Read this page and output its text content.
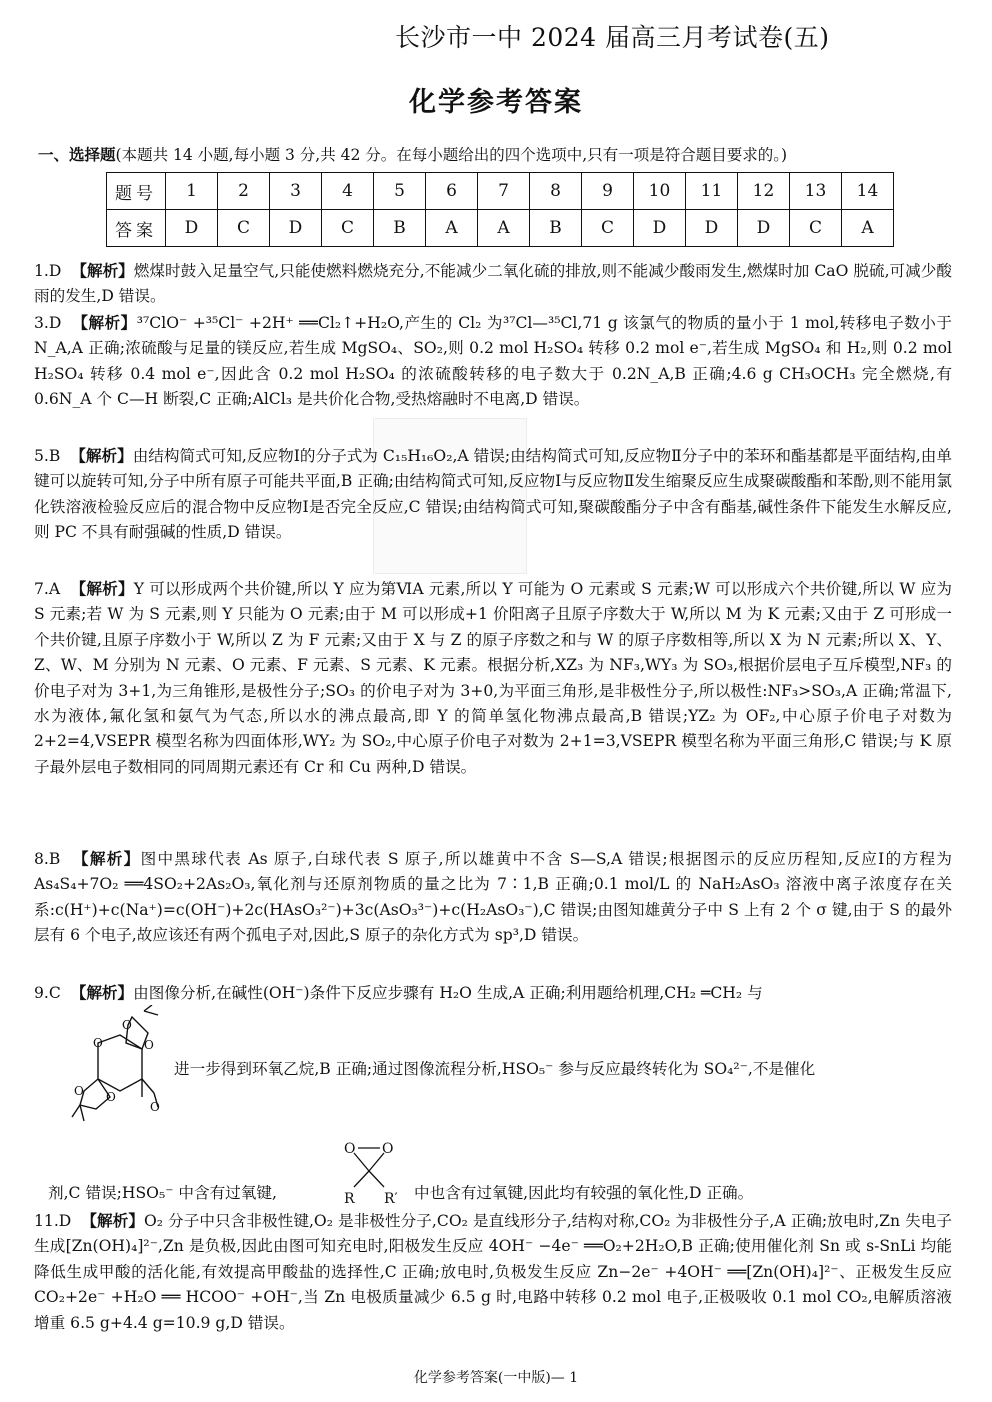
长沙市一中 2024 届高三月考试卷(五)
化学参考答案
一、选择题(本题共 14 小题,每小题 3 分,共 42 分。在每小题给出的四个选项中,只有一项是符合题目要求的。)
题号	1	2	3	4	5	6	7	8	9	10	11	12	13	14
答案	D	C	D	C	B	A	A	B	C	D	D	D	C	A
1.D 【解析】燃煤时鼓入足量空气,只能使燃料燃烧充分,不能减少二氧化硫的排放,则不能减少酸雨发生,燃煤时加 CaO 脱硫,可减少酸雨的发生,D 错误。
3.D 【解析】³⁷ClO⁻ +³⁵Cl⁻ +2H⁺ ══Cl₂↑+H₂O,产生的 Cl₂ 为³⁷Cl—³⁵Cl,71 g 该氯气的物质的量小于 1 mol,转移电子数小于 N_A,A 正确;浓硫酸与足量的镁反应,若生成 MgSO₄、SO₂,则 0.2 mol H₂SO₄ 转移 0.2 mol e⁻,若生成 MgSO₄ 和 H₂,则 0.2 mol H₂SO₄ 转移 0.4 mol e⁻,因此含 0.2 mol H₂SO₄ 的浓硫酸转移的电子数大于 0.2N_A,B 正确;4.6 g CH₃OCH₃ 完全燃烧,有 0.6N_A 个 C—H 断裂,C 正确;AlCl₃ 是共价化合物,受热熔融时不电离,D 错误。
5.B 【解析】由结构简式可知,反应物Ⅰ的分子式为 C₁₅H₁₆O₂,A 错误;由结构简式可知,反应物Ⅱ分子中的苯环和酯基都是平面结构,由单键可以旋转可知,分子中所有原子可能共平面,B 正确;由结构简式可知,反应物Ⅰ与反应物Ⅱ发生缩聚反应生成聚碳酸酯和苯酚,则不能用氯化铁溶液检验反应后的混合物中反应物Ⅰ是否完全反应,C 错误;由结构简式可知,聚碳酸酯分子中含有酯基,碱性条件下能发生水解反应,则 PC 不具有耐强碱的性质,D 错误。
7.A 【解析】Y 可以形成两个共价键,所以 Y 应为第ⅥA 元素,所以 Y 可能为 O 元素或 S 元素;W 可以形成六个共价键,所以 W 应为 S 元素;若 W 为 S 元素,则 Y 只能为 O 元素;由于 M 可以形成+1 价阳离子且原子序数大于 W,所以 M 为 K 元素;又由于 Z 可形成一个共价键,且原子序数小于 W,所以 Z 为 F 元素;又由于 X 与 Z 的原子序数之和与 W 的原子序数相等,所以 X 为 N 元素;所以 X、Y、Z、W、M 分别为 N 元素、O 元素、F 元素、S 元素、K 元素。根据分析,XZ₃ 为 NF₃,WY₃ 为 SO₃,根据价层电子互斥模型,NF₃ 的价电子对为 3+1,为三角锥形,是极性分子;SO₃ 的价电子对为 3+0,为平面三角形,是非极性分子,所以极性:NF₃>SO₃,A 正确;常温下,水为液体,氟化氢和氨气为气态,所以水的沸点最高,即 Y 的简单氢化物沸点最高,B 错误;YZ₂ 为 OF₂,中心原子价电子对数为 2+2=4,VSEPR 模型名称为四面体形,WY₂ 为 SO₂,中心原子价电子对数为 2+1=3,VSEPR 模型名称为平面三角形,C 错误;与 K 原子最外层电子数相同的同周期元素还有 Cr 和 Cu 两种,D 错误。
8.B 【解析】图中黑球代表 As 原子,白球代表 S 原子,所以雄黄中不含 S—S,A 错误;根据图示的反应历程知,反应Ⅰ的方程为 As₄S₄+7O₂ ══4SO₂+2As₂O₃,氧化剂与还原剂物质的量之比为 7∶1,B 正确;0.1 mol/L 的 NaH₂AsO₃ 溶液中离子浓度存在关系:c(H⁺)+c(Na⁺)=c(OH⁻)+2c(HAsO₃²⁻)+3c(AsO₃³⁻)+c(H₂AsO₃⁻),C 错误;由图知雄黄分子中 S 上有 2 个 σ 键,由于 S 的最外层有 6 个电子,故应该还有两个孤电子对,因此,S 原子的杂化方式为 sp³,D 错误。
9.C 【解析】由图像分析,在碱性(OH⁻)条件下反应步骤有 H₂O 生成,A 正确;利用题给机理,CH₂ ═CH₂ 与
O
O
O
O O
O
进一步得到环氧乙烷,B 正确;通过图像流程分析,HSO₅⁻ 参与反应最终转化为 SO₄²⁻,不是催化
O O
R R′
剂,C 错误;HSO₅⁻ 中含有过氧键,	中也含有过氧键,因此均有较强的氧化性,D 正确。
11.D 【解析】O₂ 分子中只含非极性键,O₂ 是非极性分子,CO₂ 是直线形分子,结构对称,CO₂ 为非极性分子,A 正确;放电时,Zn 失电子生成[Zn(OH)₄]²⁻,Zn 是负极,因此由图可知充电时,阳极发生反应 4OH⁻ −4e⁻ ══O₂+2H₂O,B 正确;使用催化剂 Sn 或 s-SnLi 均能降低生成甲酸的活化能,有效提高甲酸盐的选择性,C 正确;放电时,负极发生反应 Zn−2e⁻ +4OH⁻ ══[Zn(OH)₄]²⁻、正极发生反应 CO₂+2e⁻ +H₂O ══ HCOO⁻ +OH⁻,当 Zn 电极质量减少 6.5 g 时,电路中转移 0.2 mol 电子,正极吸收 0.1 mol CO₂,电解质溶液增重 6.5 g+4.4 g=10.9 g,D 错误。
化学参考答案(一中版)— 1
